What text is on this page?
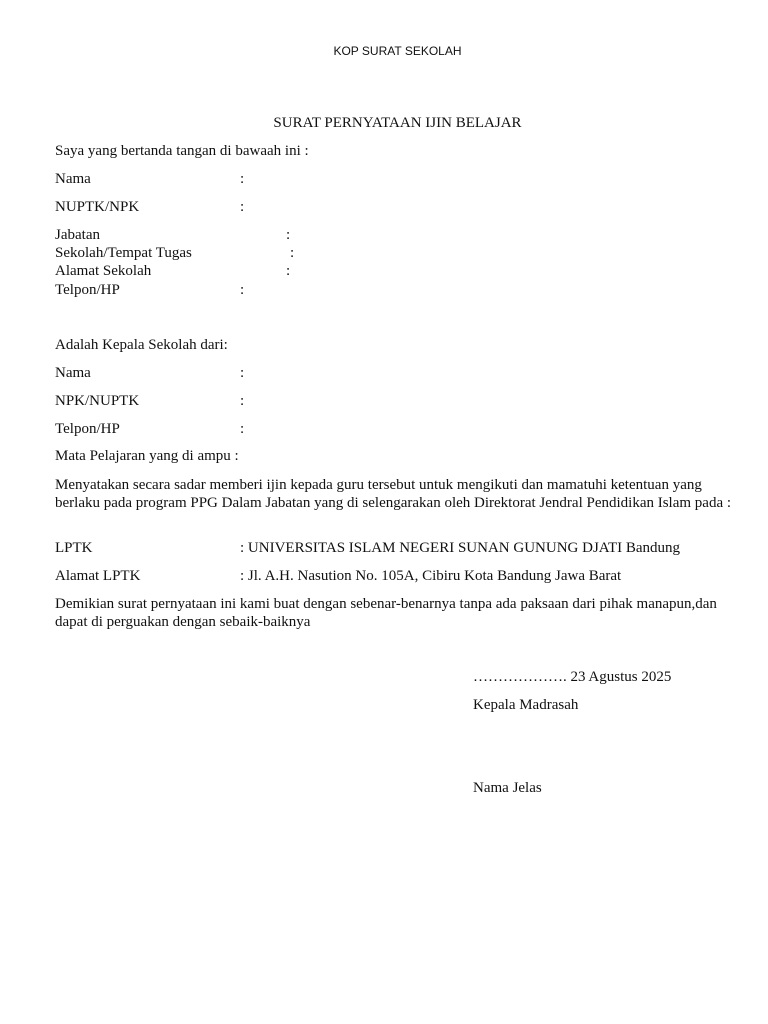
KOP SURAT SEKOLAH
SURAT PERNYATAAN IJIN BELAJAR
Saya yang bertanda tangan di bawaah ini :
Nama	:
NUPTK/NPK	:
Jabatan	:
Sekolah/Tempat Tugas	:
Alamat Sekolah	:
Telpon/HP	:
Adalah Kepala Sekolah dari:
Nama	:
NPK/NUPTK	:
Telpon/HP	:
Mata Pelajaran yang di ampu :
Menyatakan secara sadar memberi ijin kepada guru tersebut untuk mengikuti dan mamatuhi ketentuan yang berlaku pada program PPG Dalam Jabatan yang di selengarakan oleh Direktorat Jendral Pendidikan Islam pada :
LPTK	: UNIVERSITAS ISLAM NEGERI SUNAN GUNUNG DJATI Bandung
Alamat LPTK	: Jl. A.H. Nasution No. 105A, Cibiru Kota Bandung Jawa Barat
Demikian surat pernyataan ini kami buat dengan sebenar-benarnya tanpa ada paksaan dari pihak manapun,dan dapat di perguakan dengan sebaik-baiknya
………………. 23 Agustus 2025
Kepala Madrasah
Nama Jelas
